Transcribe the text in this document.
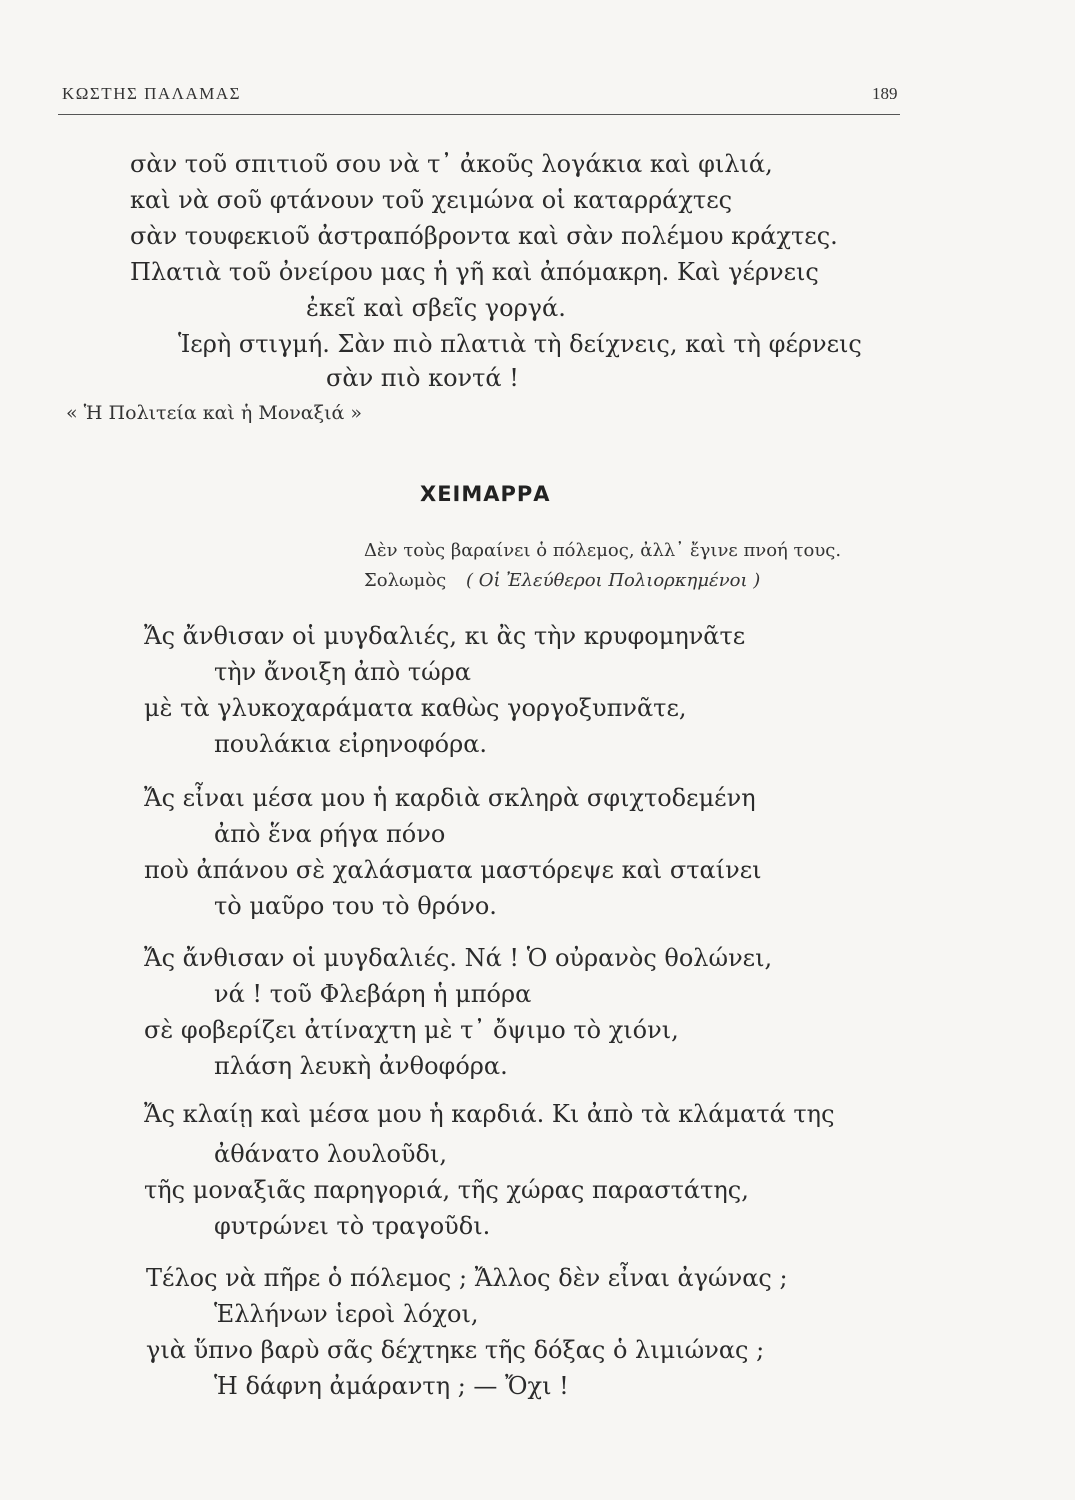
ΚΩΣΤΗΣ ΠΑΛΑΜΑΣ	189
σὰν τοῦ σπιτιοῦ σου νὰ τ᾽ ἀκοῦς λογάκια καὶ φιλιά,
καὶ νὰ σοῦ φτάνουν τοῦ χειμώνα οἱ καταρράχτες
σὰν τουφεκιοῦ ἀστραπόβροντα καὶ σὰν πολέμου κράχτες.
Πλατιὰ τοῦ ὀνείρου μας ἡ γῆ καὶ ἀπόμακρη. Καὶ γέρνεις
ἐκεῖ καὶ σβεῖς γοργά.
Ἱερὴ στιγμή. Σὰν πιὸ πλατιὰ τὴ δείχνεις, καὶ τὴ φέρνεις
σὰν πιὸ κοντά !
« Ἡ Πολιτεία καὶ ἡ Μοναξιά »
ΧΕΙΜΑΡΡΑ
Δὲν τοὺς βαραίνει ὁ πόλεμος, ἀλλ᾽ ἔγινε πνοή τους.
Σολωμὸς ( Οἱ Ἐλεύθεροι Πολιορκημένοι )
Ἄς ἄνθισαν οἱ μυγδαλιές, κι ἂς τὴν κρυφομηνᾶτε
τὴν ἄνοιξη ἀπὸ τώρα
μὲ τὰ γλυκοχαράματα καθὼς γοργοξυπνᾶτε,
πουλάκια εἰρηνοφόρα.
Ἄς εἶναι μέσα μου ἡ καρδιὰ σκληρὰ σφιχτοδεμένη
ἀπὸ ἕνα ρήγα πόνο
ποὺ ἀπάνου σὲ χαλάσματα μαστόρεψε καὶ σταίνει
τὸ μαῦρο του τὸ θρόνο.
Ἄς ἄνθισαν οἱ μυγδαλιές. Νά ! Ὁ οὐρανὸς θολώνει,
νά ! τοῦ Φλεβάρη ἡ μπόρα
σὲ φοβερίζει ἀτίναχτη μὲ τ᾽ ὄψιμο τὸ χιόνι,
πλάση λευκὴ ἀνθοφόρα.
Ἄς κλαίῃ καὶ μέσα μου ἡ καρδιά. Κι ἀπὸ τὰ κλάματά της
ἀθάνατο λουλοῦδι,
τῆς μοναξιᾶς παρηγοριά, τῆς χώρας παραστάτης,
φυτρώνει τὸ τραγοῦδι.
Τέλος νὰ πῆρε ὁ πόλεμος ; Ἄλλος δὲν εἶναι ἀγώνας ;
Ἑλλήνων ἱεροὶ λόχοι,
γιὰ ὕπνο βαρὺ σᾶς δέχτηκε τῆς δόξας ὁ λιμιώνας ;
Ἡ δάφνη ἀμάραντη ; — Ὄχι !
